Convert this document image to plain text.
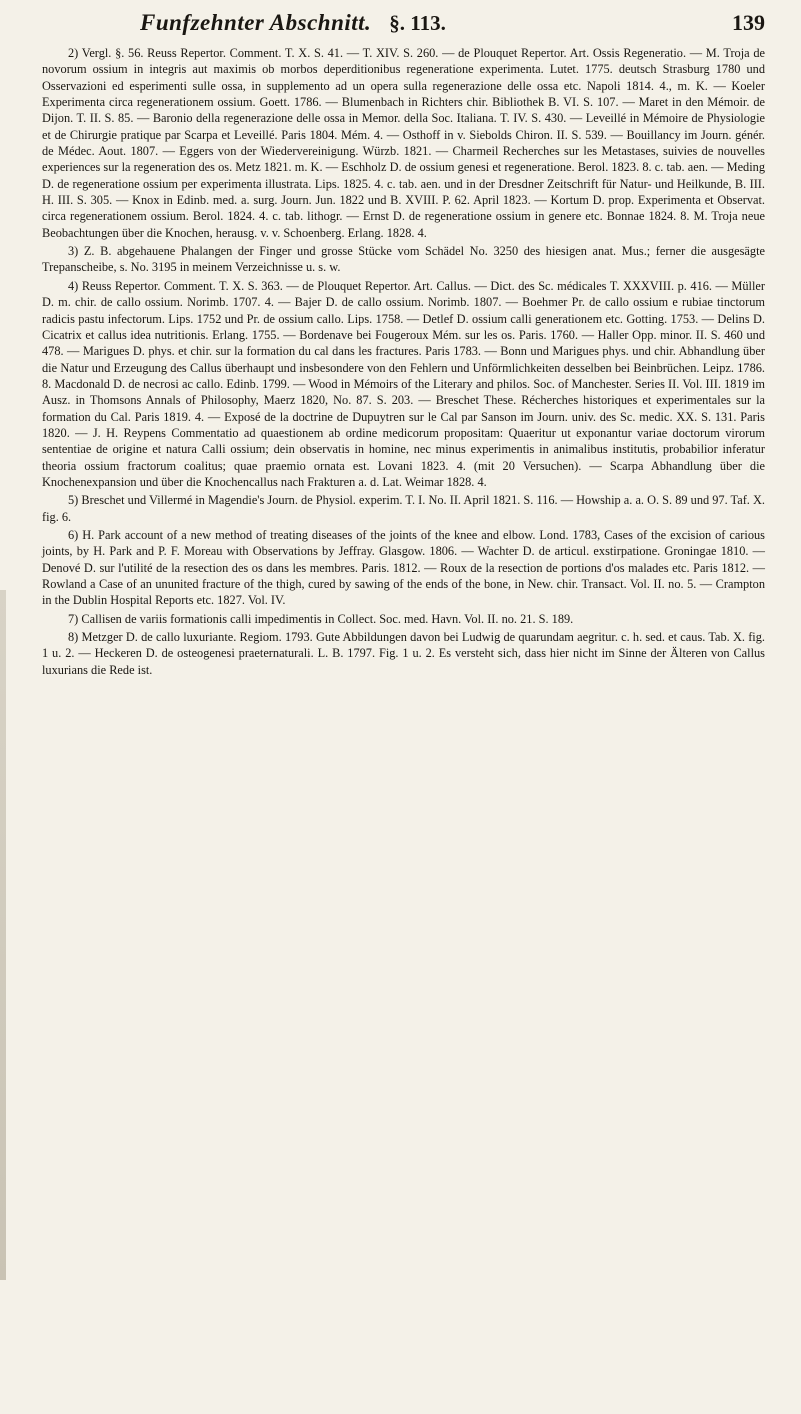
Funfzehnter Abschnitt. §. 113.	139

2) Vergl. §. 56. Reuss Repertor. Comment. T. X. S. 41. — T. XIV. S. 260. — de Plouquet Repertor. Art. Ossis Regeneratio. — M. Troja de novorum ossium in integris aut maximis ob morbos deperditionibus regeneratione experimenta. Lutet. 1775. deutsch Strasburg 1780 und Osservazioni ed esperimenti sulle ossa, in supplemento ad un opera sulla regenerazione delle ossa etc. Napoli 1814. 4., m. K. — Koeler Experimenta circa regenerationem ossium. Goett. 1786. — Blumenbach in Richters chir. Bibliothek B. VI. S. 107. — Maret in den Mémoir. de Dijon. T. II. S. 85. — Baronio della regenerazione delle ossa in Memor. della Soc. Italiana. T. IV. S. 430. — Leveillé in Mémoire de Physiologie et de Chirurgie pratique par Scarpa et Leveillé. Paris 1804. Mém. 4. — Osthoff in v. Siebolds Chiron. II. S. 539. — Bouillancy im Journ. génér. de Médec. Aout. 1807. — Eggers von der Wiedervereinigung. Würzb. 1821. — Charmeil Recherches sur les Metastases, suivies de nouvelles experiences sur la regeneration des os. Metz 1821. m. K. — Eschholz D. de ossium genesi et regeneratione. Berol. 1823. 8. c. tab. aen. — Meding D. de regeneratione ossium per experimenta illustrata. Lips. 1825. 4. c. tab. aen. und in der Dresdner Zeitschrift für Natur- und Heilkunde, B. III. H. III. S. 305. — Knox in Edinb. med. a. surg. Journ. Jun. 1822 und B. XVIII. P. 62. April 1823. — Kortum D. prop. Experimenta et Observat. circa regenerationem ossium. Berol. 1824. 4. c. tab. lithogr. — Ernst D. de regeneratione ossium in genere etc. Bonnae 1824. 8. M. Troja neue Beobachtungen über die Knochen, herausg. v. v. Schoenberg. Erlang. 1828. 4.

3) Z. B. abgehauene Phalangen der Finger und grosse Stücke vom Schädel No. 3250 des hiesigen anat. Mus.; ferner die ausgesägte Trepanscheibe, s. No. 3195 in meinem Verzeichnisse u. s. w.

4) Reuss Repertor. Comment. T. X. S. 363. — de Plouquet Repertor. Art. Callus. — Dict. des Sc. médicales T. XXXVIII. p. 416. — Müller D. m. chir. de callo ossium. Norimb. 1707. 4. — Bajer D. de callo ossium. Norimb. 1807. — Boehmer Pr. de callo ossium e rubiae tinctorum radicis pastu infectorum. Lips. 1752 und Pr. de ossium callo. Lips. 1758. — Detlef D. ossium calli generationem etc. Gotting. 1753. — Delins D. Cicatrix et callus idea nutritionis. Erlang. 1755. — Bordenave bei Fougeroux Mém. sur les os. Paris. 1760. — Haller Opp. minor. II. S. 460 und 478. — Marigues D. phys. et chir. sur la formation du cal dans les fractures. Paris 1783. — Bonn und Marigues phys. und chir. Abhandlung über die Natur und Erzeugung des Callus überhaupt und insbesondere von den Fehlern und Unförmlichkeiten desselben bei Beinbrüchen. Leipz. 1786. 8. Macdonald D. de necrosi ac callo. Edinb. 1799. — Wood in Mémoirs of the Literary and philos. Soc. of Manchester. Series II. Vol. III. 1819 im Ausz. in Thomsons Annals of Philosophy, Maerz 1820, No. 87. S. 203. — Breschet These. Récherches historiques et experimentales sur la formation du Cal. Paris 1819. 4. — Exposé de la doctrine de Dupuytren sur le Cal par Sanson im Journ. univ. des Sc. medic. XX. S. 131. Paris 1820. — J. H. Reypens Commentatio ad quaestionem ab ordine medicorum propositam: Quaeritur ut exponantur variae doctorum virorum sententiae de origine et natura Calli ossium; dein observatis in homine, nec minus experimentis in animalibus institutis, probabilior inferatur theoria ossium fractorum coalitus; quae praemio ornata est. Lovani 1823. 4. (mit 20 Versuchen). — Scarpa Abhandlung über die Knochenexpansion und über die Knochencallus nach Frakturen a. d. Lat. Weimar 1828. 4.

5) Breschet und Villermé in Magendie's Journ. de Physiol. experim. T. I. No. II. April 1821. S. 116. — Howship a. a. O. S. 89 und 97. Taf. X. fig. 6.

6) H. Park account of a new method of treating diseases of the joints of the knee and elbow. Lond. 1783, Cases of the excision of carious joints, by H. Park and P. F. Moreau with Observations by Jeffray. Glasgow. 1806. — Wachter D. de articul. exstirpatione. Groningae 1810. — Denové D. sur l'utilité de la resection des os dans les membres. Paris. 1812. — Roux de la resection de portions d'os malades etc. Paris 1812. — Rowland a Case of an ununited fracture of the thigh, cured by sawing of the ends of the bone, in New. chir. Transact. Vol. II. no. 5. — Crampton in the Dublin Hospital Reports etc. 1827. Vol. IV.

7) Callisen de variis formationis calli impedimentis in Collect. Soc. med. Havn. Vol. II. no. 21. S. 189.

8) Metzger D. de callo luxuriante. Regiom. 1793. Gute Abbildungen davon bei Ludwig de quarundam aegritur. c. h. sed. et caus. Tab. X. fig. 1 u. 2. — Heckeren D. de osteogenesi praeternaturali. L. B. 1797. Fig. 1 u. 2. Es versteht sich, dass hier nicht im Sinne der Älteren von Callus luxurians die Rede ist.
